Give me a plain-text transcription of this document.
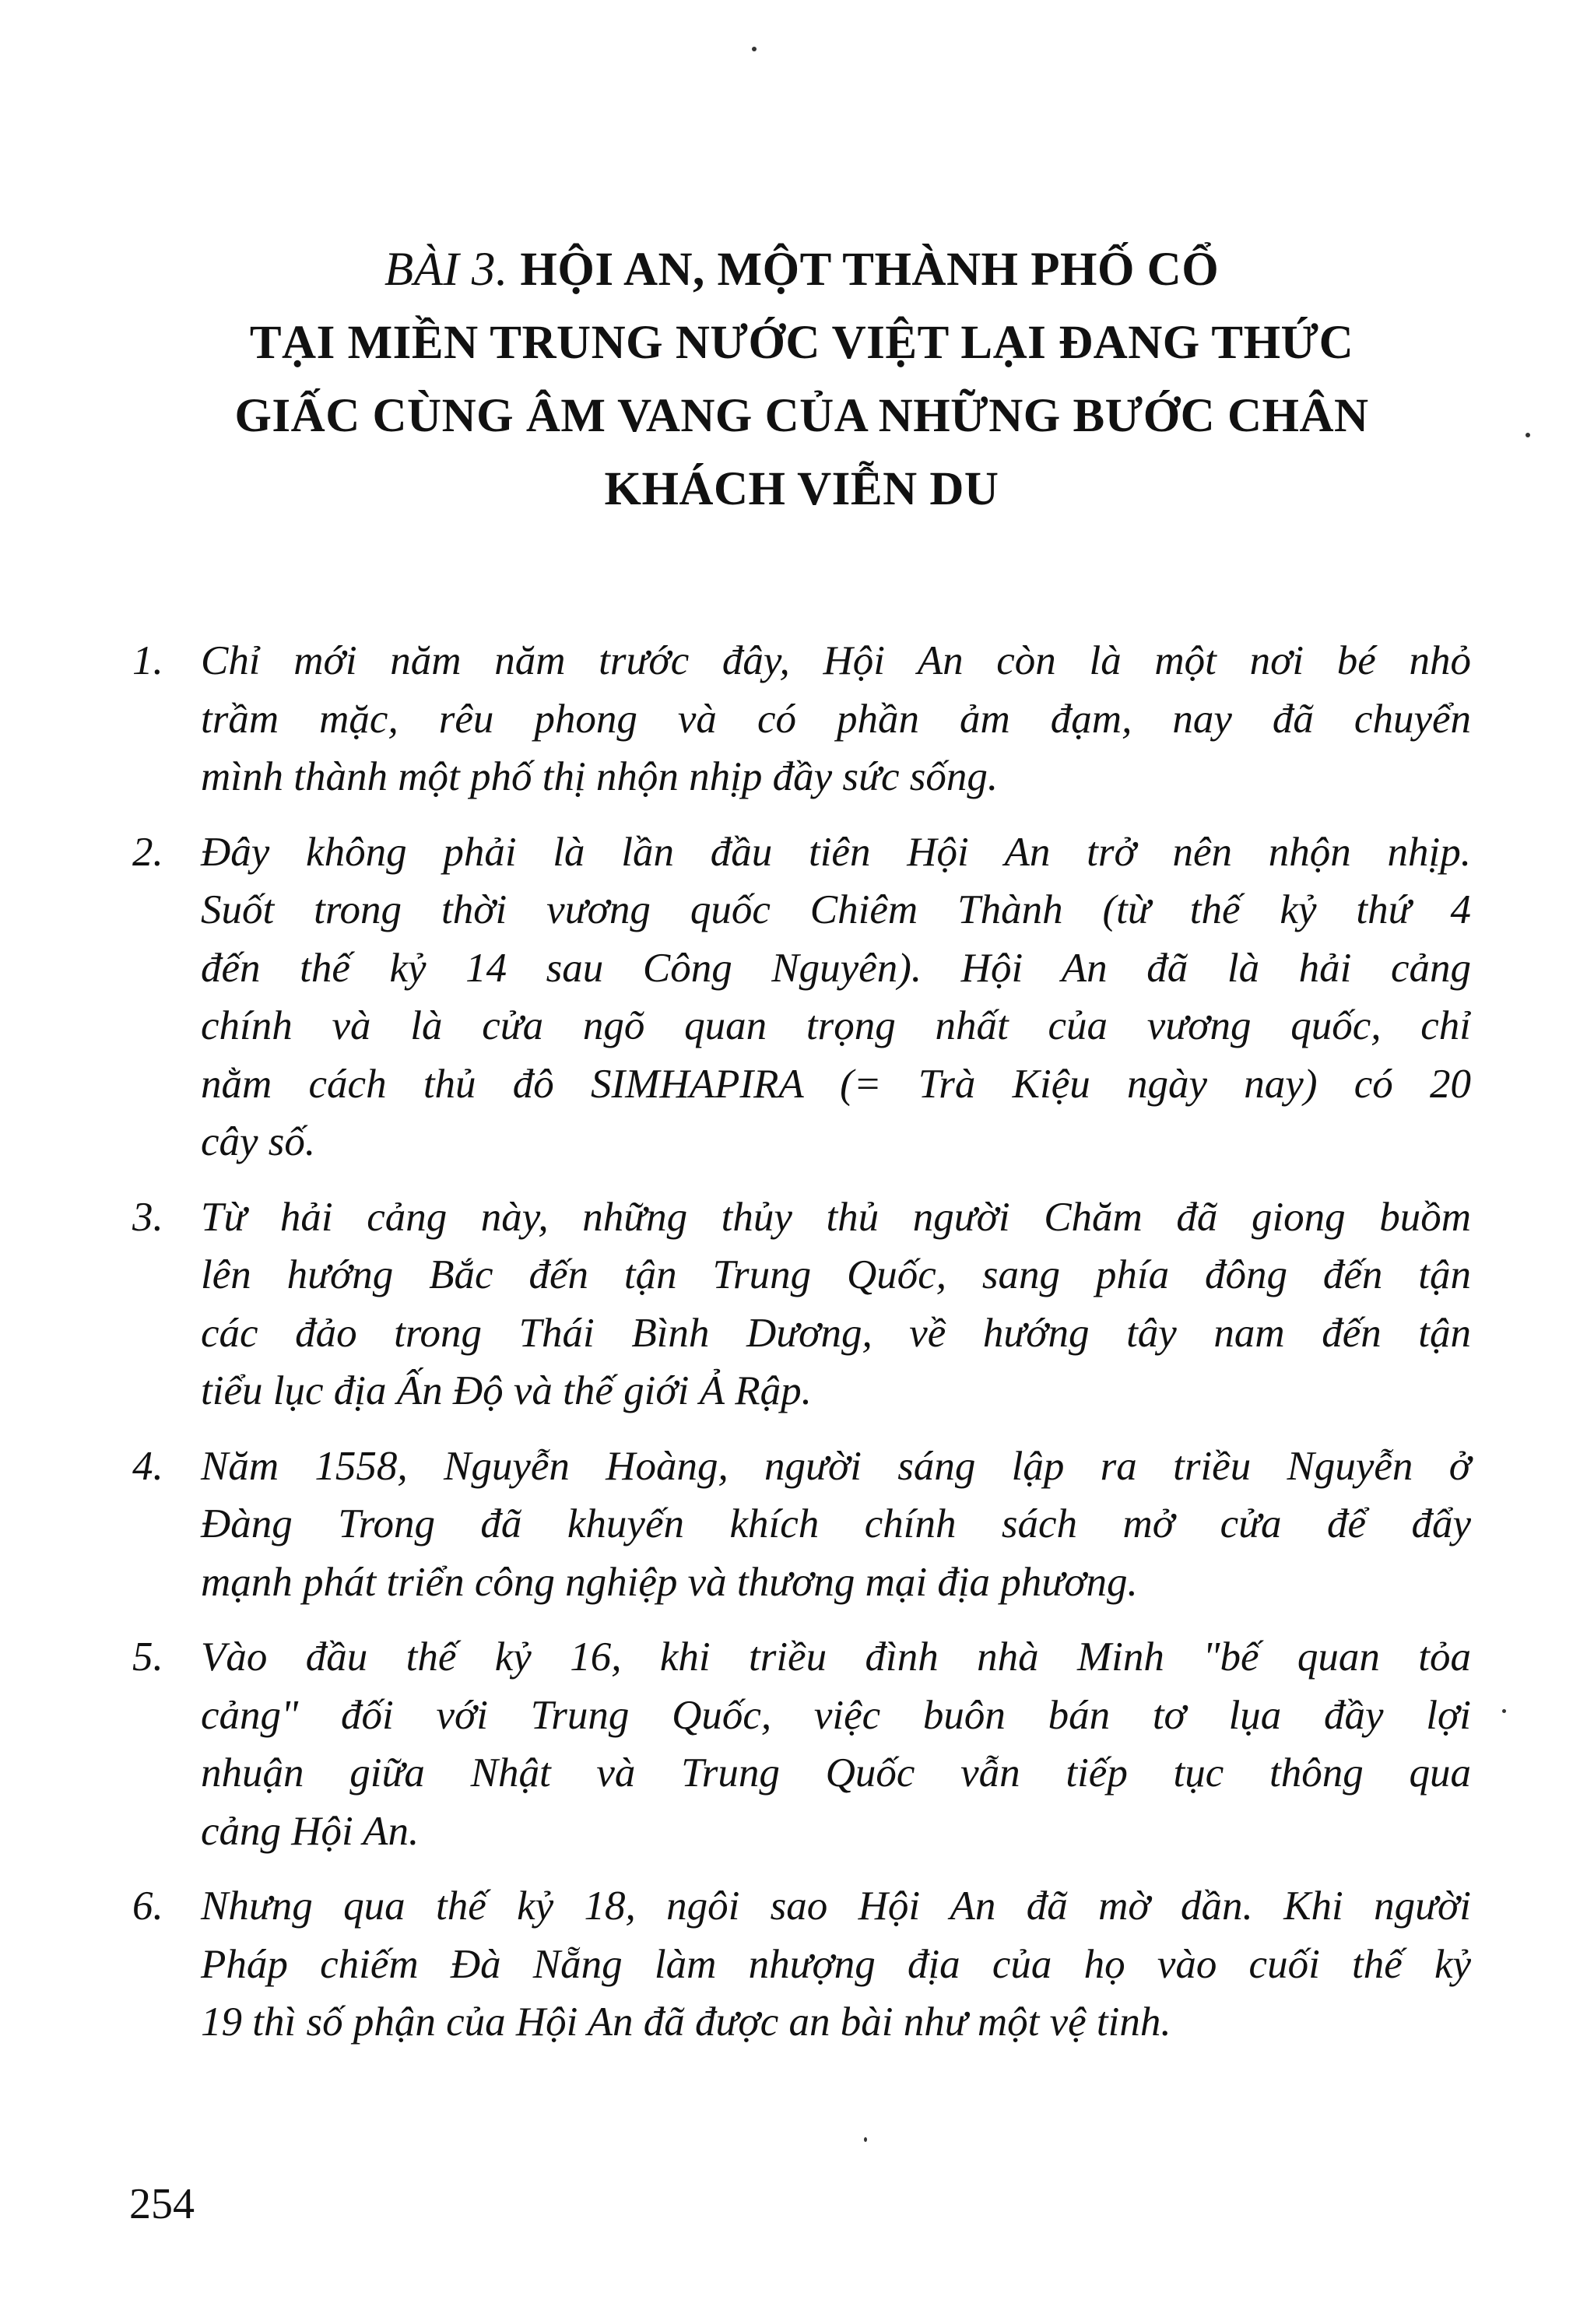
BÀI 3. HỘI AN, MỘT THÀNH PHỐ CỔ
TẠI MIỀN TRUNG NƯỚC VIỆT LẠI ĐANG THỨC
GIẤC CÙNG ÂM VANG CỦA NHỮNG BƯỚC CHÂN
KHÁCH VIỄN DU
1. Chỉ mới năm năm trước đây, Hội An còn là một nơi bé nhỏ
trầm mặc, rêu phong và có phần ảm đạm, nay đã chuyển
mình thành một phố thị nhộn nhịp đầy sức sống.
2. Đây không phải là lần đầu tiên Hội An trở nên nhộn nhịp.
Suốt trong thời vương quốc Chiêm Thành (từ thế kỷ thứ 4
đến thế kỷ 14 sau Công Nguyên). Hội An đã là hải cảng
chính và là cửa ngõ quan trọng nhất của vương quốc, chỉ
nằm cách thủ đô SIMHAPIRA (= Trà Kiệu ngày nay) có 20
cây số.
3. Từ hải cảng này, những thủy thủ người Chăm đã giong buồm
lên hướng Bắc đến tận Trung Quốc, sang phía đông đến tận
các đảo trong Thái Bình Dương, về hướng tây nam đến tận
tiểu lục địa Ấn Độ và thế giới Ả Rập.
4. Năm 1558, Nguyễn Hoàng, người sáng lập ra triều Nguyễn ở
Đàng Trong đã khuyến khích chính sách mở cửa để đẩy
mạnh phát triển công nghiệp và thương mại địa phương.
5. Vào đầu thế kỷ 16, khi triều đình nhà Minh "bế quan tỏa
cảng" đối với Trung Quốc, việc buôn bán tơ lụa đầy lợi
nhuận giữa Nhật và Trung Quốc vẫn tiếp tục thông qua
cảng Hội An.
6. Nhưng qua thế kỷ 18, ngôi sao Hội An đã mờ dần. Khi người
Pháp chiếm Đà Nẵng làm nhượng địa của họ vào cuối thế kỷ
19 thì số phận của Hội An đã được an bài như một vệ tinh.
254
